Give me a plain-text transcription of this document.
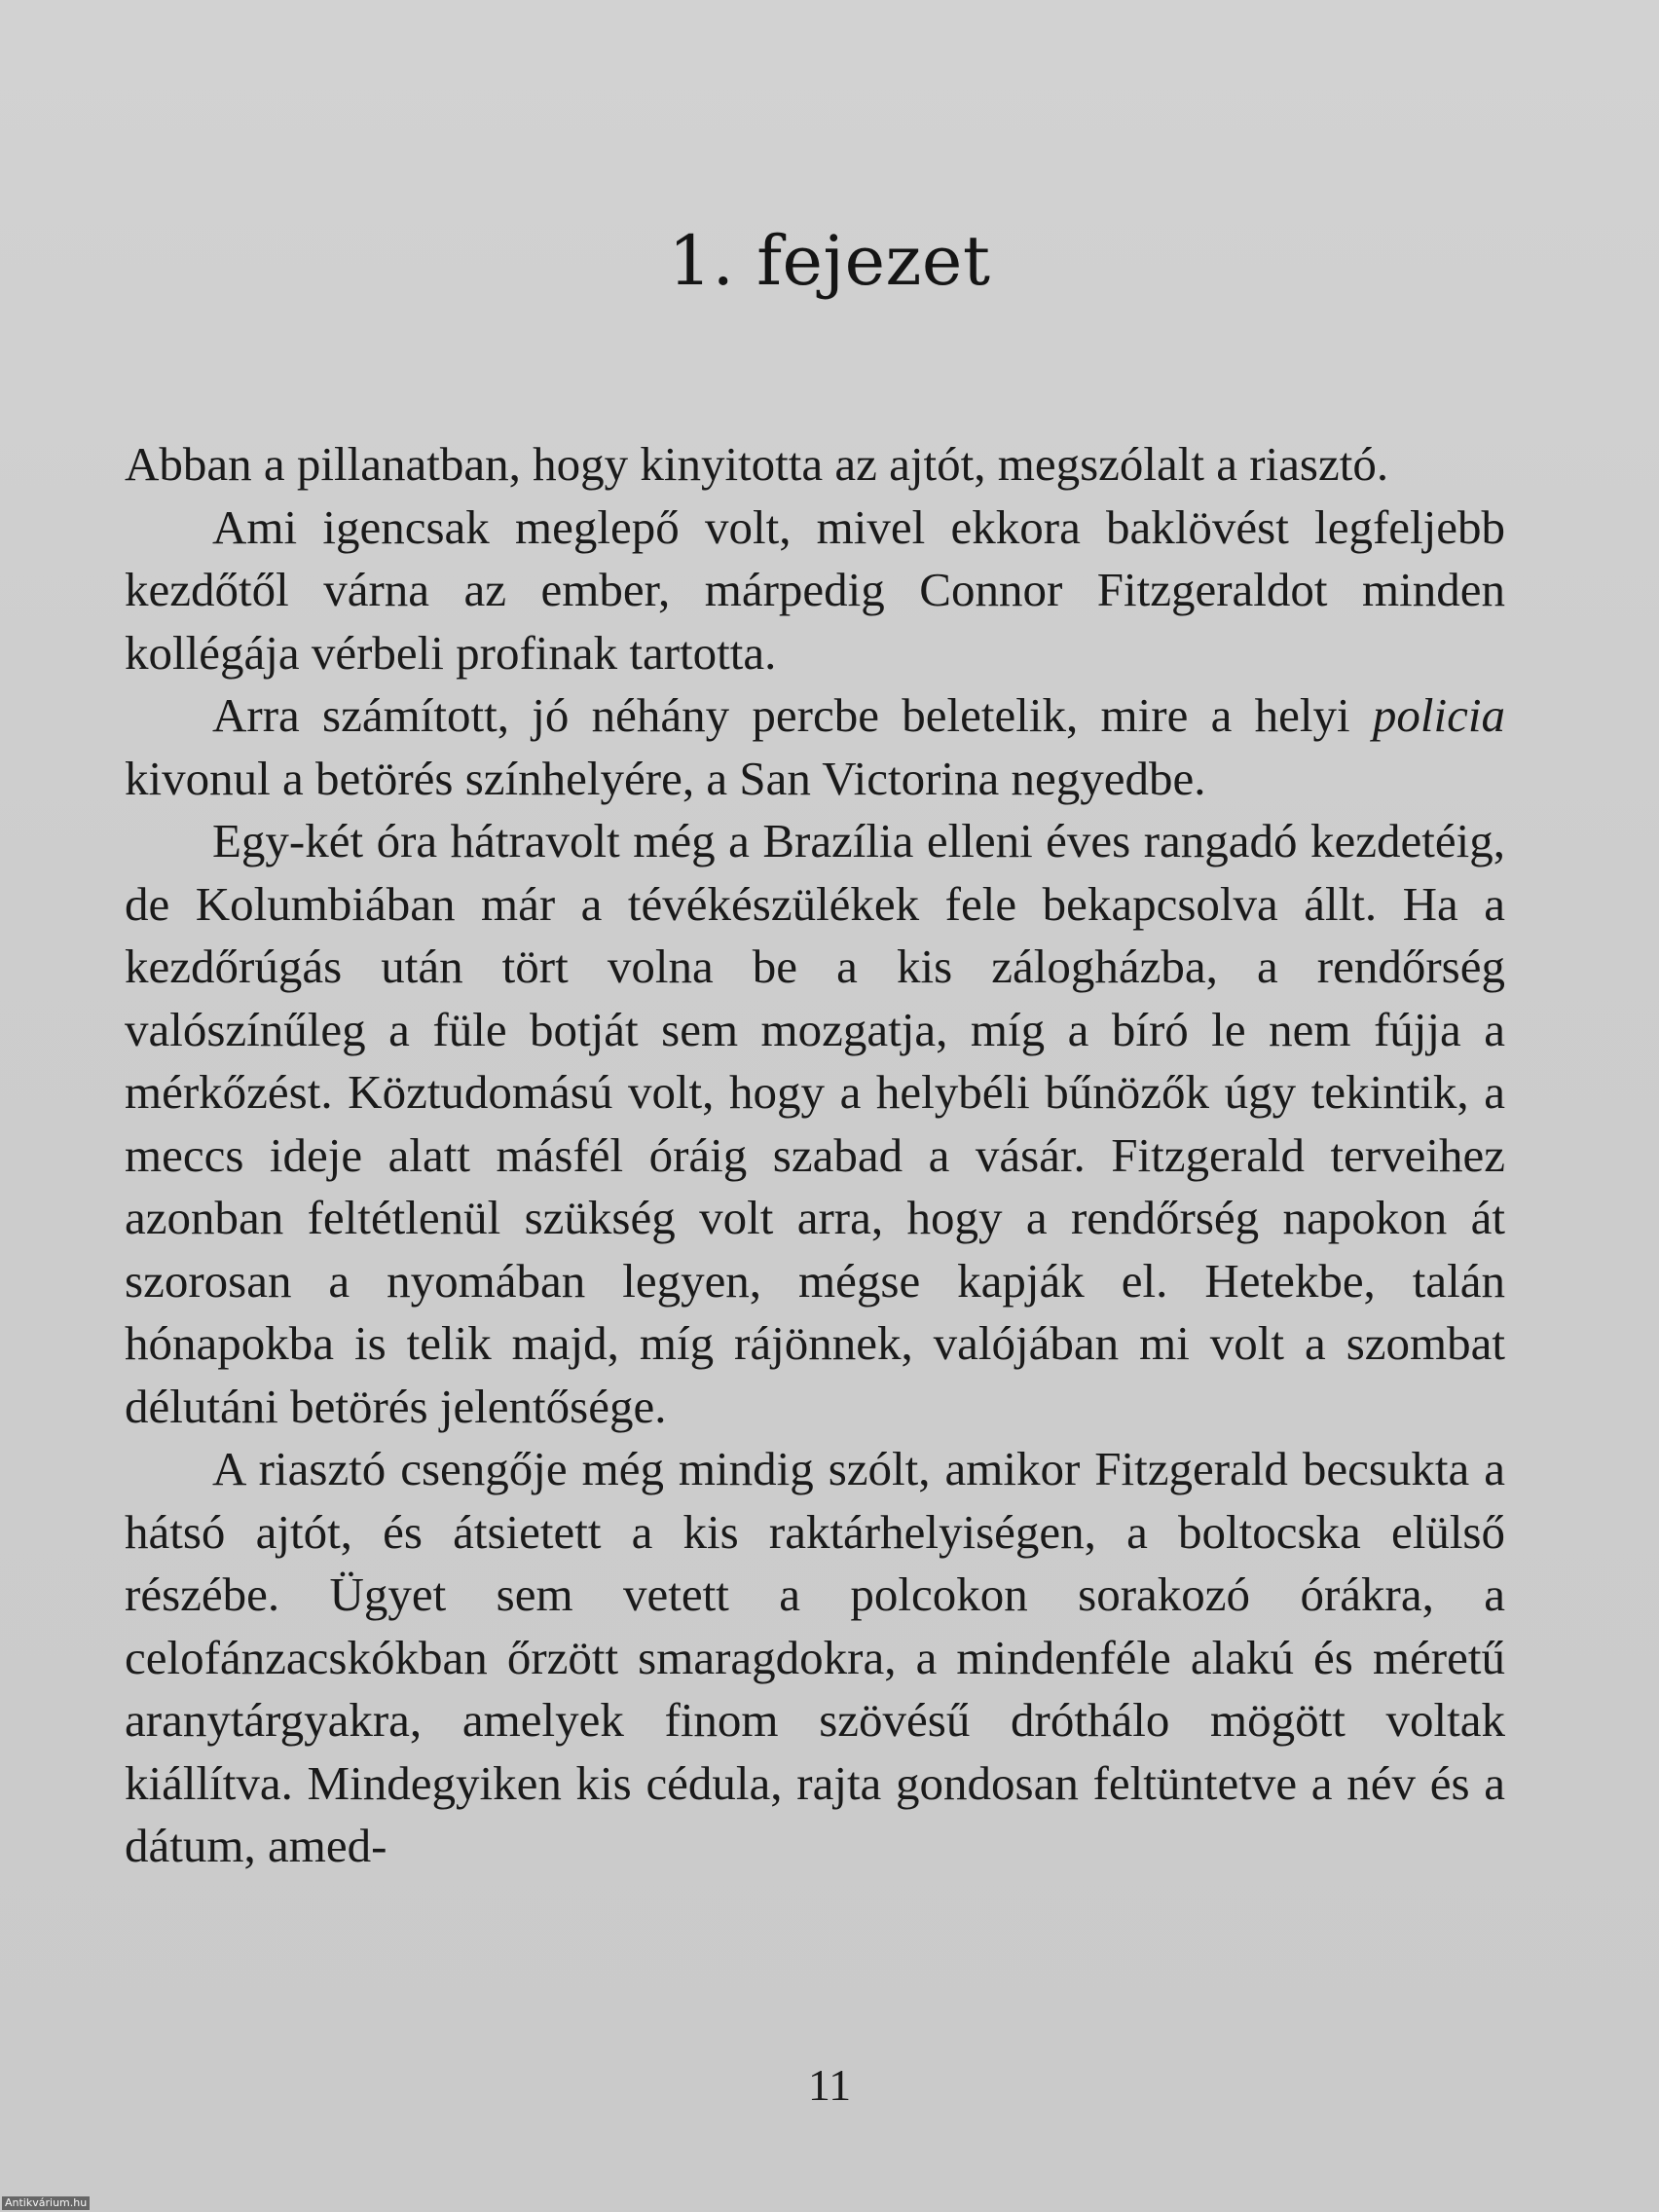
1. fejezet

Abban a pillanatban, hogy kinyitotta az ajtót, megszólalt a riasztó.

Ami igencsak meglepő volt, mivel ekkora baklövést legfeljebb kezdőtől várna az ember, márpedig Connor Fitzgeraldot minden kollégája vérbeli profinak tartotta.

Arra számított, jó néhány percbe beletelik, mire a helyi policia kivonul a betörés színhelyére, a San Victorina negyedbe.

Egy-két óra hátravolt még a Brazília elleni éves rangadó kezdetéig, de Kolumbiában már a tévékészülékek fele bekapcsolva állt. Ha a kezdőrúgás után tört volna be a kis zálogházba, a rendőrség valószínűleg a füle botját sem mozgatja, míg a bíró le nem fújja a mérkőzést. Köztudomású volt, hogy a helybéli bűnözők úgy tekintik, a meccs ideje alatt másfél óráig szabad a vásár. Fitzgerald terveihez azonban feltétlenül szükség volt arra, hogy a rendőrség napokon át szorosan a nyomában legyen, mégse kapják el. Hetekbe, talán hónapokba is telik majd, míg rájönnek, valójában mi volt a szombat délutáni betörés jelentősége.

A riasztó csengője még mindig szólt, amikor Fitzgerald becsukta a hátsó ajtót, és átsietett a kis raktárhelyiségen, a boltocska elülső részébe. Ügyet sem vetett a polcokon sorakozó órákra, a celofánzacskókban őrzött smaragdokra, a mindenféle alakú és méretű aranytárgyakra, amelyek finom szövésű dróthálo mögött voltak kiállítva. Mindegyiken kis cédula, rajta gondosan feltüntetve a név és a dátum, amed-

11
Antikvárium.hu
